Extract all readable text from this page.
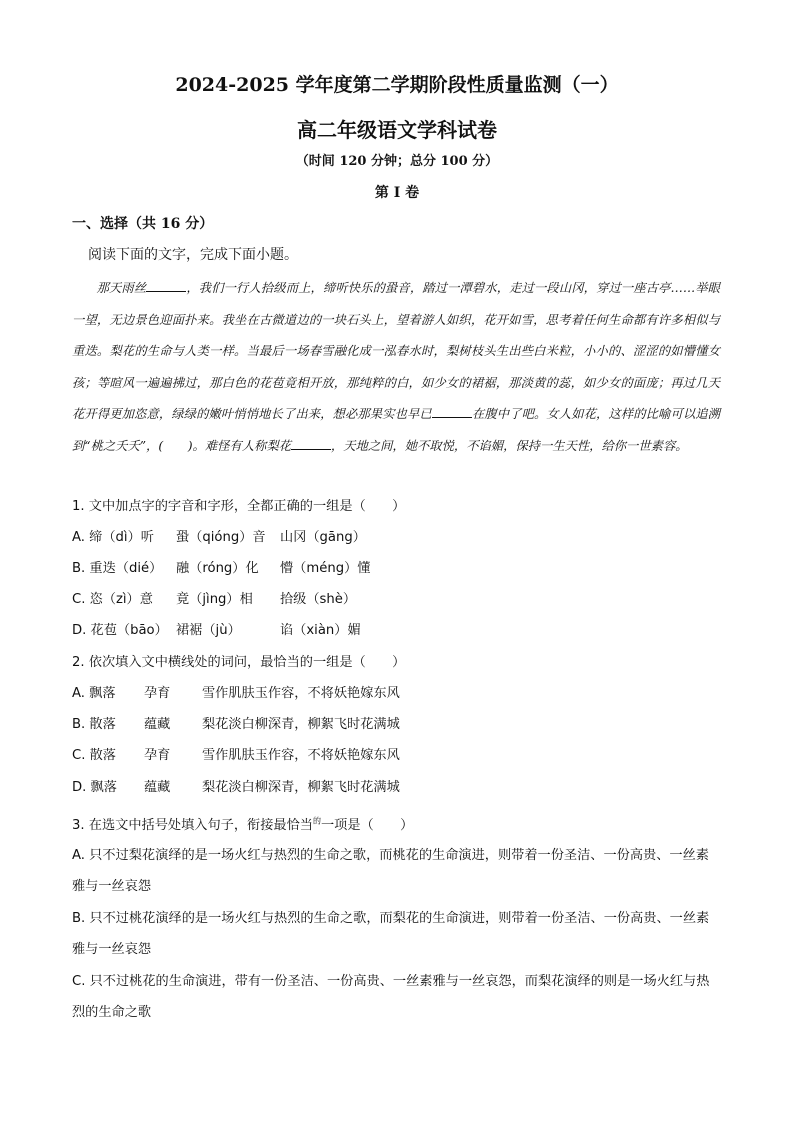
2024-2025 学年度第二学期阶段性质量监测（一）
高二年级语文学科试卷
（时间 120 分钟；总分 100 分）
第 I 卷
一、选择（共 16 分）
阅读下面的文字，完成下面小题。

那天雨丝	，我们一行人拾级而上，缔听快乐的蛩音，踏过一潭碧水，走过一段山冈，穿过一座古亭……举眼一望，无边景色迎面扑来。我坐在古微道边的一块石头上，望着游人如织，花开如雪，思考着任何生命都有许多相似与重迭。梨花的生命与人类一样。当最后一场春雪融化成一泓春水时，梨树枝头生出些白米粒，小小的、涩涩的如懵懂女孩；等暄风一遍遍拂过，那白色的花苞竟相开放，那纯粹的白，如少女的裙裾，那淡黄的蕊，如少女的面庞；再过几天花开得更加恣意，绿绿的嫩叶悄悄地长了出来，想必那果实也早已	在腹中了吧。女人如花，这样的比喻可以追溯到“桃之夭夭”，(　　)。难怪有人称梨花	，天地之间，她不取悦，不谄媚，保持一生天性，给你一世素容。

1. 文中加点字的字音和字形，全都正确的一组是（　　）
A. 缔（dì）听 蛩（qióng）音 山冈（gāng）
B. 重迭（dié） 融（róng）化 懵（méng）懂
C. 恣（zì）意 竟（jìng）相 拾级（shè）
D. 花苞（bāo） 裙裾（jù）	谄（xiàn）媚
2. 依次填入文中横线处的词问，最恰当的一组是（　　）
A. 飘落 孕育 雪作肌肤玉作容，不将妖艳嫁东风
B. 散落 蕴藏 梨花淡白柳深青，柳絮飞时花满城
C. 散落 孕育 雪作肌肤玉作容，不将妖艳嫁东风
D. 飘落 蕴藏 梨花淡白柳深青，柳絮飞时花满城
3. 在选文中括号处填入句子，衔接最恰当$^的$一项是（　　）
A. 只不过梨花演绎的是一场火红与热烈的生命之歌，而桃花的生命演进，则带着一份圣洁、一份高贵、一丝素雅与一丝哀怨
B. 只不过桃花演绎的是一场火红与热烈的生命之歌，而梨花的生命演进，则带着一份圣洁、一份高贵、一丝素雅与一丝哀怨
C. 只不过桃花的生命演进，带有一份圣洁、一份高贵、一丝素雅与一丝哀怨，而梨花演绎的则是一场火红与热烈的生命之歌
